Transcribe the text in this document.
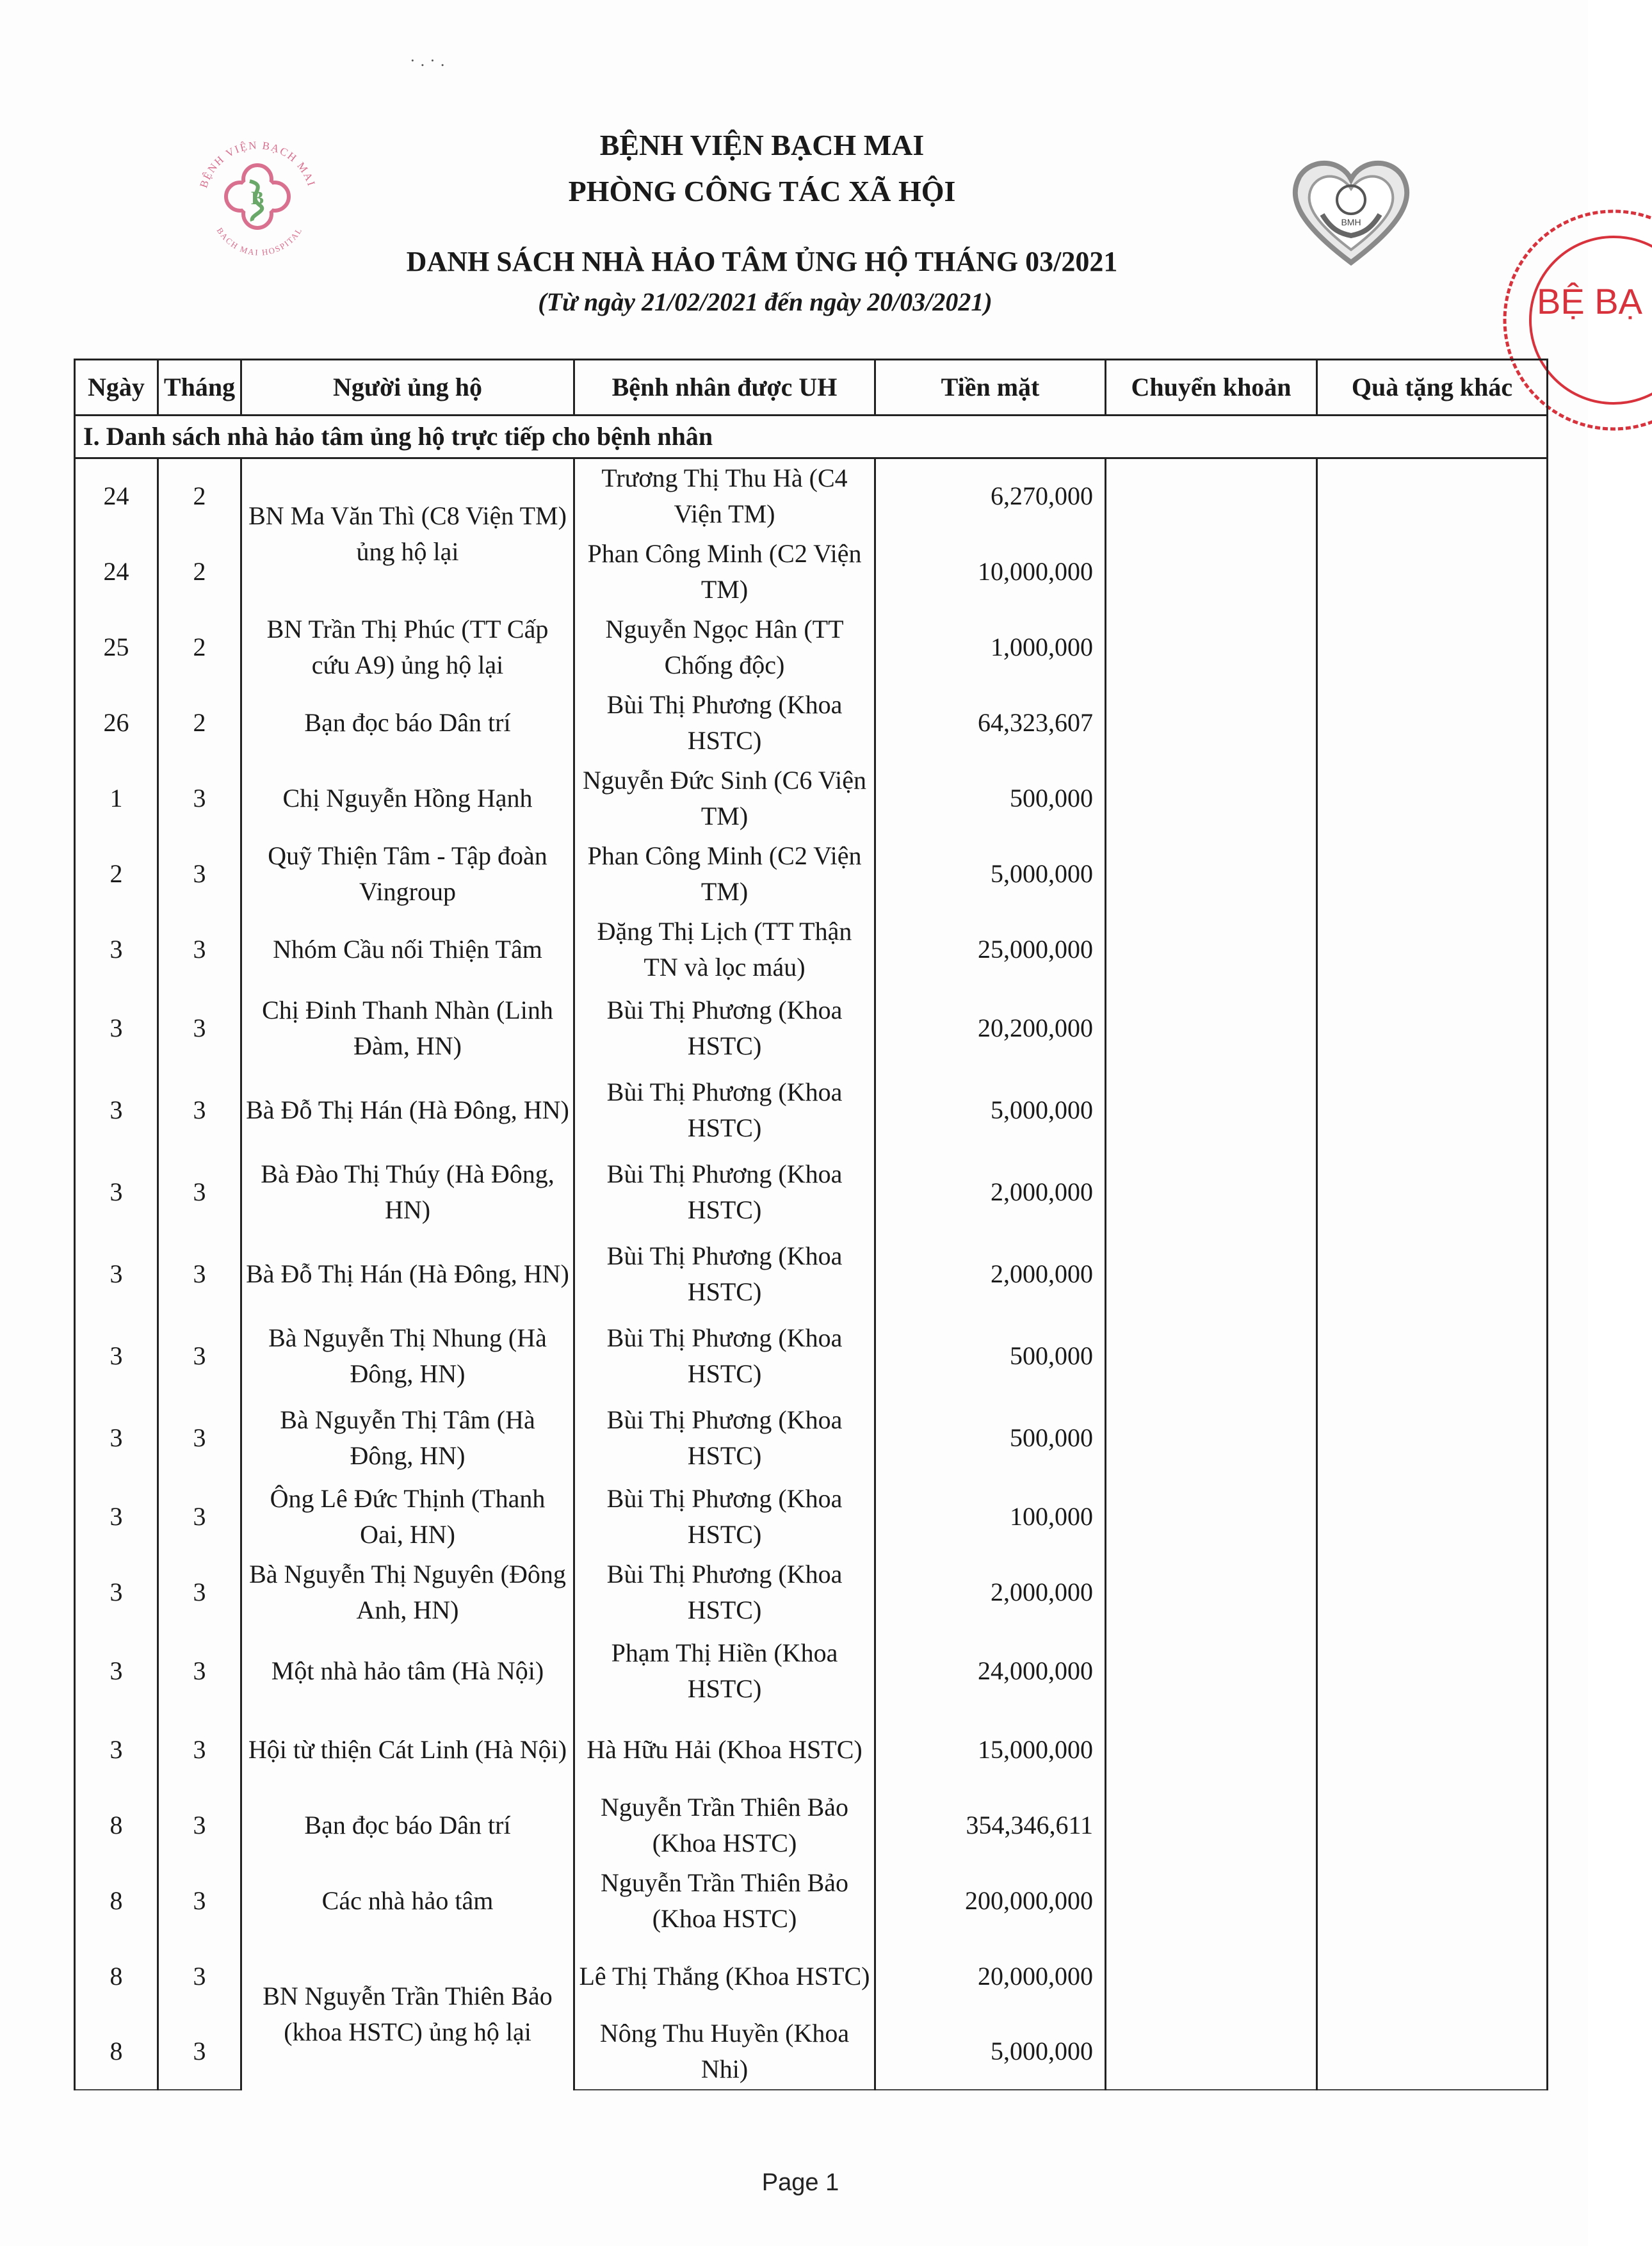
·.·.
BỆNH VIỆN BẠCH MAI
BACH MAI HOSPITAL
B
BMH
BỆ BẠ
BỆNH VIỆN BẠCH MAI
PHÒNG CÔNG TÁC XÃ HỘI
DANH SÁCH NHÀ HẢO TÂM ỦNG HỘ THÁNG 03/2021
(Từ ngày 21/02/2021 đến ngày 20/03/2021)
Ngày	Tháng	Người ủng hộ	Bệnh nhân được UH	Tiền mặt	Chuyển khoản	Quà tặng khác
I. Danh sách nhà hảo tâm ủng hộ trực tiếp cho bệnh nhân						
24	2	BN Ma Văn Thì (C8 Viện TM) ủng hộ lại	Trương Thị Thu Hà (C4 Viện TM)	6,270,000		
24	2		Phan Công Minh (C2 Viện TM)	10,000,000		
25	2	BN Trần Thị Phúc (TT Cấp cứu A9) ủng hộ lại	Nguyễn Ngọc Hân (TT Chống độc)	1,000,000		
26	2	Bạn đọc báo Dân trí	Bùi Thị Phương (Khoa HSTC)	64,323,607		
1	3	Chị Nguyễn Hồng Hạnh	Nguyễn Đức Sinh (C6 Viện TM)	500,000		
2	3	Quỹ Thiện Tâm - Tập đoàn Vingroup	Phan Công Minh (C2 Viện TM)	5,000,000		
3	3	Nhóm Cầu nối Thiện Tâm	Đặng Thị Lịch (TT Thận TN và lọc máu)	25,000,000		
3	3	Chị Đinh Thanh Nhàn (Linh Đàm, HN)	Bùi Thị Phương (Khoa HSTC)	20,200,000		
3	3	Bà Đỗ Thị Hán (Hà Đông, HN)	Bùi Thị Phương (Khoa HSTC)	5,000,000		
3	3	Bà Đào Thị Thúy (Hà Đông, HN)	Bùi Thị Phương (Khoa HSTC)	2,000,000		
3	3	Bà Đỗ Thị Hán (Hà Đông, HN)	Bùi Thị Phương (Khoa HSTC)	2,000,000		
3	3	Bà Nguyễn Thị Nhung (Hà Đông, HN)	Bùi Thị Phương (Khoa HSTC)	500,000		
3	3	Bà Nguyễn Thị Tâm (Hà Đông, HN)	Bùi Thị Phương (Khoa HSTC)	500,000		
3	3	Ông Lê Đức Thịnh (Thanh Oai, HN)	Bùi Thị Phương (Khoa HSTC)	100,000		
3	3	Bà Nguyễn Thị Nguyên (Đông Anh, HN)	Bùi Thị Phương (Khoa HSTC)	2,000,000		
3	3	Một nhà hảo tâm (Hà Nội)	Phạm Thị Hiền (Khoa HSTC)	24,000,000		
3	3	Hội từ thiện Cát Linh (Hà Nội)	Hà Hữu Hải (Khoa HSTC)	15,000,000		
8	3	Bạn đọc báo Dân trí	Nguyễn Trần Thiên Bảo (Khoa HSTC)	354,346,611		
8	3	Các nhà hảo tâm	Nguyễn Trần Thiên Bảo (Khoa HSTC)	200,000,000		
8	3	BN Nguyễn Trần Thiên Bảo (khoa HSTC) ủng hộ lại	Lê Thị Thắng (Khoa HSTC)	20,000,000		
8	3		Nông Thu Huyền (Khoa Nhi)	5,000,000		
Page 1
